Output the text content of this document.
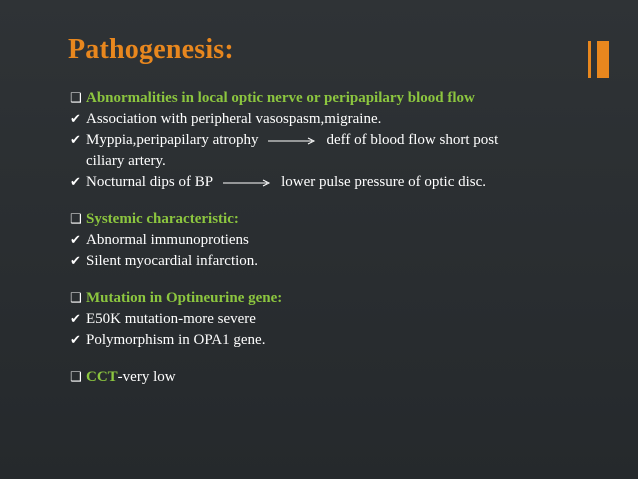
Pathogenesis:
❑ Abnormalities in local optic nerve or peripapilary blood flow
✔ Association with peripheral vasospasm,migraine.
✔ Myppia,peripapilary atrophy	deff of blood flow short post
ciliary artery.
✔ Nocturnal dips of BP	lower pulse pressure of optic disc.
❑ Systemic characteristic:
✔ Abnormal immunoprotiens
✔ Silent myocardial infarction.
❑ Mutation in Optineurine gene:
✔ E50K mutation-more severe
✔ Polymorphism in OPA1 gene.
❑ CCT-very low
